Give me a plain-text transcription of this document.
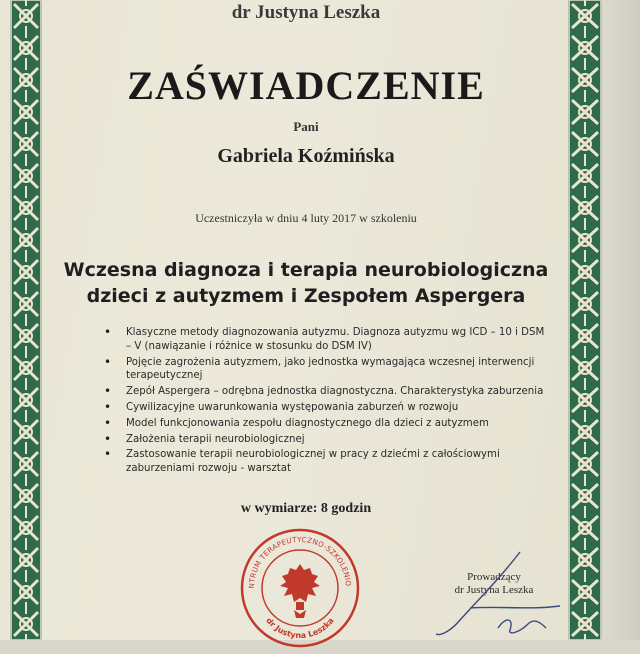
dr Justyna Leszka
ZAŚWIADCZENIE
Pani
Gabriela Koźmińska
Uczestniczyła w dniu 4 luty 2017 w szkoleniu
Wczesna diagnoza i terapia neurobiologiczna
dzieci z autyzmem i Zespołem Aspergera
• Klasyczne metody diagnozowania autyzmu. Diagnoza autyzmu wg ICD – 10 i DSM – V (nawiązanie i różnice w stosunku do DSM IV)
• Pojęcie zagrożenia autyzmem, jako jednostka wymagająca wczesnej interwencji terapeutycznej
• Zepół Aspergera – odrębna jednostka diagnostyczna. Charakterystyka zaburzenia
• Cywilizacyjne uwarunkowania występowania zaburzeń w rozwoju
• Model funkcjonowania zespołu diagnostycznego dla dzieci z autyzmem
• Założenia terapii neurobiologicznej
• Zastosowanie terapii neurobiologicznej w pracy z dziećmi z całościowymi zaburzeniami rozwoju - warsztat
w wymiarze: 8 godzin
NTRUM TERAPEUTYCZNO-SZKOLENIO
dr Justyna Leszka
Prowadzący
dr Justyna Leszka
